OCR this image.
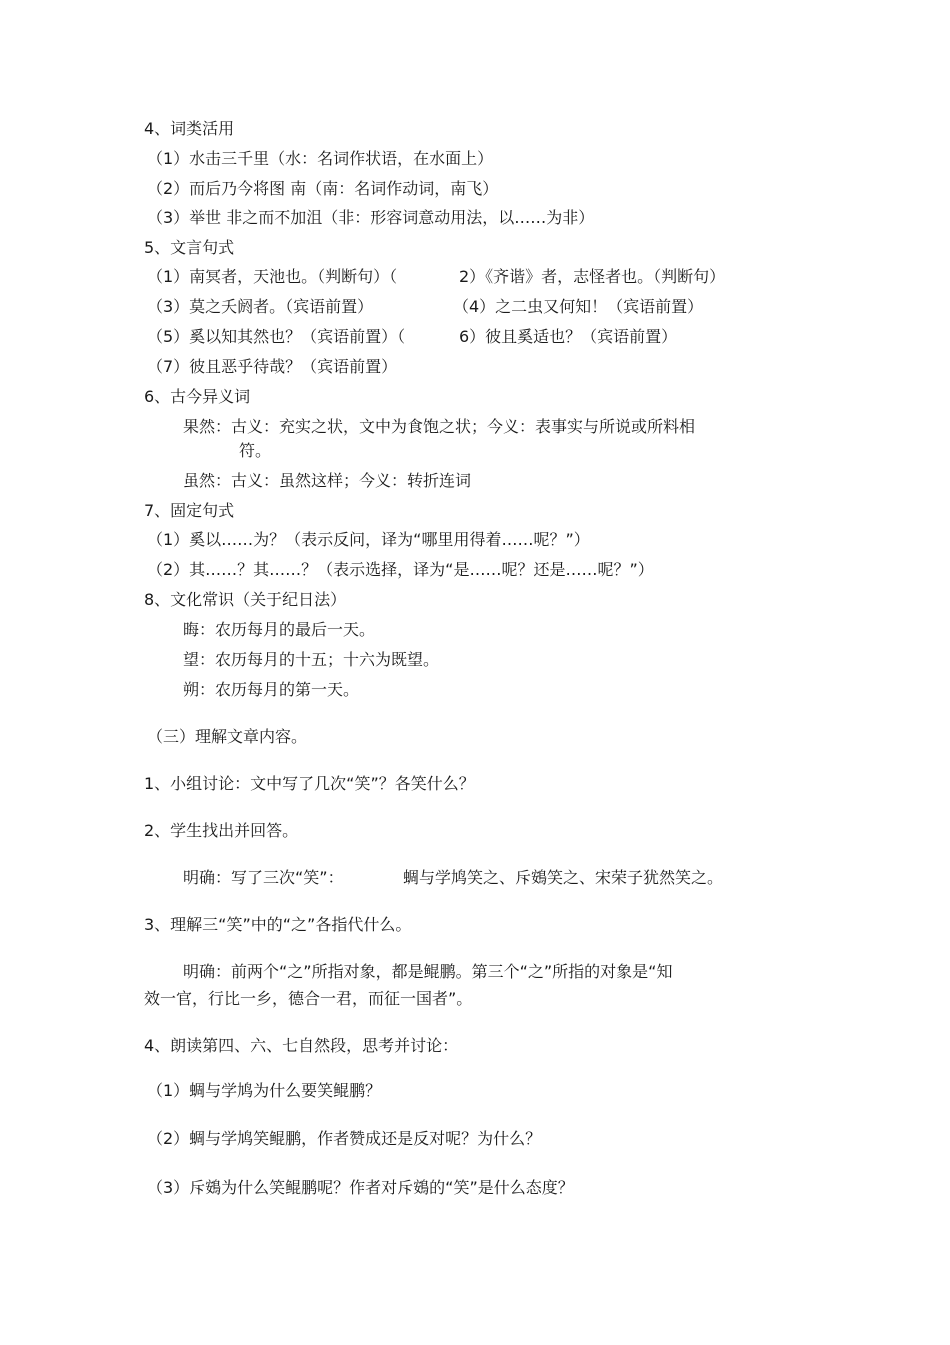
4、词类活用
（1）水击三千里（水：名词作状语，在水面上）
（2）而后乃今将图 南（南：名词作动词，南飞）
（3）举世 非之而不加沮（非：形容词意动用法，以……为非）
5、文言句式
（1）南冥者，天池也。（判断句）（	2）《齐谐》者，志怪者也。（判断句）
（3）莫之夭阏者。（宾语前置）	（4）之二虫又何知！（宾语前置）
（5）奚以知其然也？（宾语前置）（	6）彼且奚适也？（宾语前置）
（7）彼且恶乎待哉？（宾语前置）
6、古今异义词
果然：古义：充实之状，文中为食饱之状；今义：表事实与所说或所料相
符。
虽然：古义：虽然这样；今义：转折连词
7、固定句式
（1）奚以……为？（表示反问，译为“哪里用得着……呢？”）
（2）其……？其……？（表示选择，译为“是……呢？还是……呢？”）
8、文化常识（关于纪日法）
晦：农历每月的最后一天。
望：农历每月的十五；十六为既望。
朔：农历每月的第一天。
（三）理解文章内容。
1、小组讨论：文中写了几次“笑”？各笑什么？
2、学生找出并回答。
明确：写了三次“笑”：	蜩与学鸠笑之、斥鴳笑之、宋荣子犹然笑之。
3、理解三“笑”中的“之”各指代什么。
明确：前两个“之”所指对象，都是鲲鹏。第三个“之”所指的对象是“知
效一官，行比一乡，德合一君，而征一国者”。
4、朗读第四、六、七自然段，思考并讨论：
（1）蜩与学鸠为什么要笑鲲鹏？
（2）蜩与学鸠笑鲲鹏，作者赞成还是反对呢？为什么？
（3）斥鴳为什么笑鲲鹏呢？作者对斥鴳的“笑”是什么态度？
